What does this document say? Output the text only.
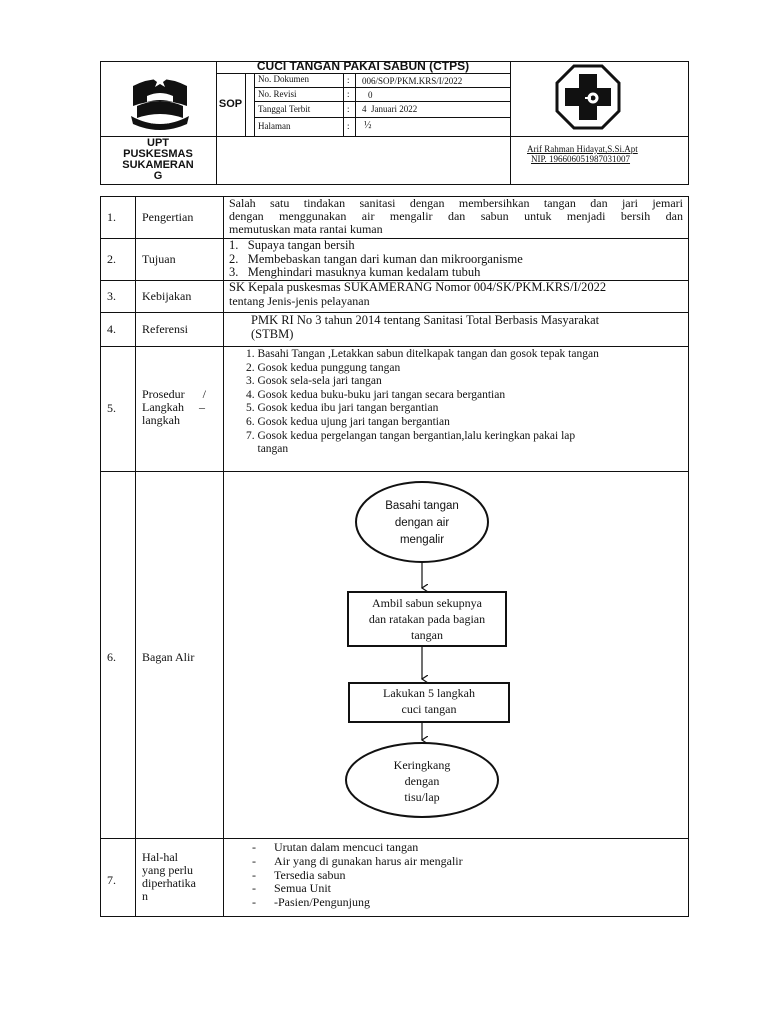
CUCI TANGAN PAKAI SABUN (CTPS)
SOP
No. Dokumen	: 006/SOP/PKM.KRS/I/2022
No. Revisi	: 0
Tanggal Terbit	: 4  Januari 2022
Halaman	: ½
· · · · · · · ·
UPT
PUSKESMAS
SUKAMERAN
G
Arif Rahman Hidayat,S.Si.Apt
NIP. 196606051987031007
1. Pengertian
Salah satu tindakan sanitasi dengan membersihkan tangan dan jari jemari
dengan menggunakan air mengalir dan sabun untuk menjadi bersih dan
memutuskan mata rantai kuman
2. Tujuan
1.   Supaya tangan bersih
2.   Membebaskan tangan dari kuman dan mikroorganisme
3.   Menghindari masuknya kuman kedalam tubuh
3. Kebijakan
SK Kepala puskesmas SUKAMERANG Nomor 004/SK/PKM.KRS/I/2022
tentang Jenis-jenis pelayanan
4. Referensi
PMK RI No 3 tahun 2014 tentang Sanitasi Total Berbasis Masyarakat
(STBM)
5.
Prosedur      /
Langkah     –
langkah
1. Basahi Tangan ,Letakkan sabun ditelkapak tangan dan gosok tepak tangan
2. Gosok kedua punggung tangan
3. Gosok sela-sela jari tangan
4. Gosok kedua buku-buku jari tangan secara bergantian
5. Gosok kedua ibu jari tangan bergantian
6. Gosok kedua ujung jari tangan bergantian
7. Gosok kedua pergelangan tangan bergantian,lalu keringkan pakai lap
tangan
6. Bagan Alir
Basahi tangan
dengan air
mengalir
Ambil sabun sekupnya
dan ratakan pada bagian
tangan
Lakukan 5 langkah
cuci tangan
Keringkang
dengan
tisu/lap
7.
Hal-hal
yang perlu
diperhatika
n
- Urutan dalam mencuci tangan
- Air yang di gunakan harus air mengalir
- Tersedia sabun
- Semua Unit
- -Pasien/Pengunjung
